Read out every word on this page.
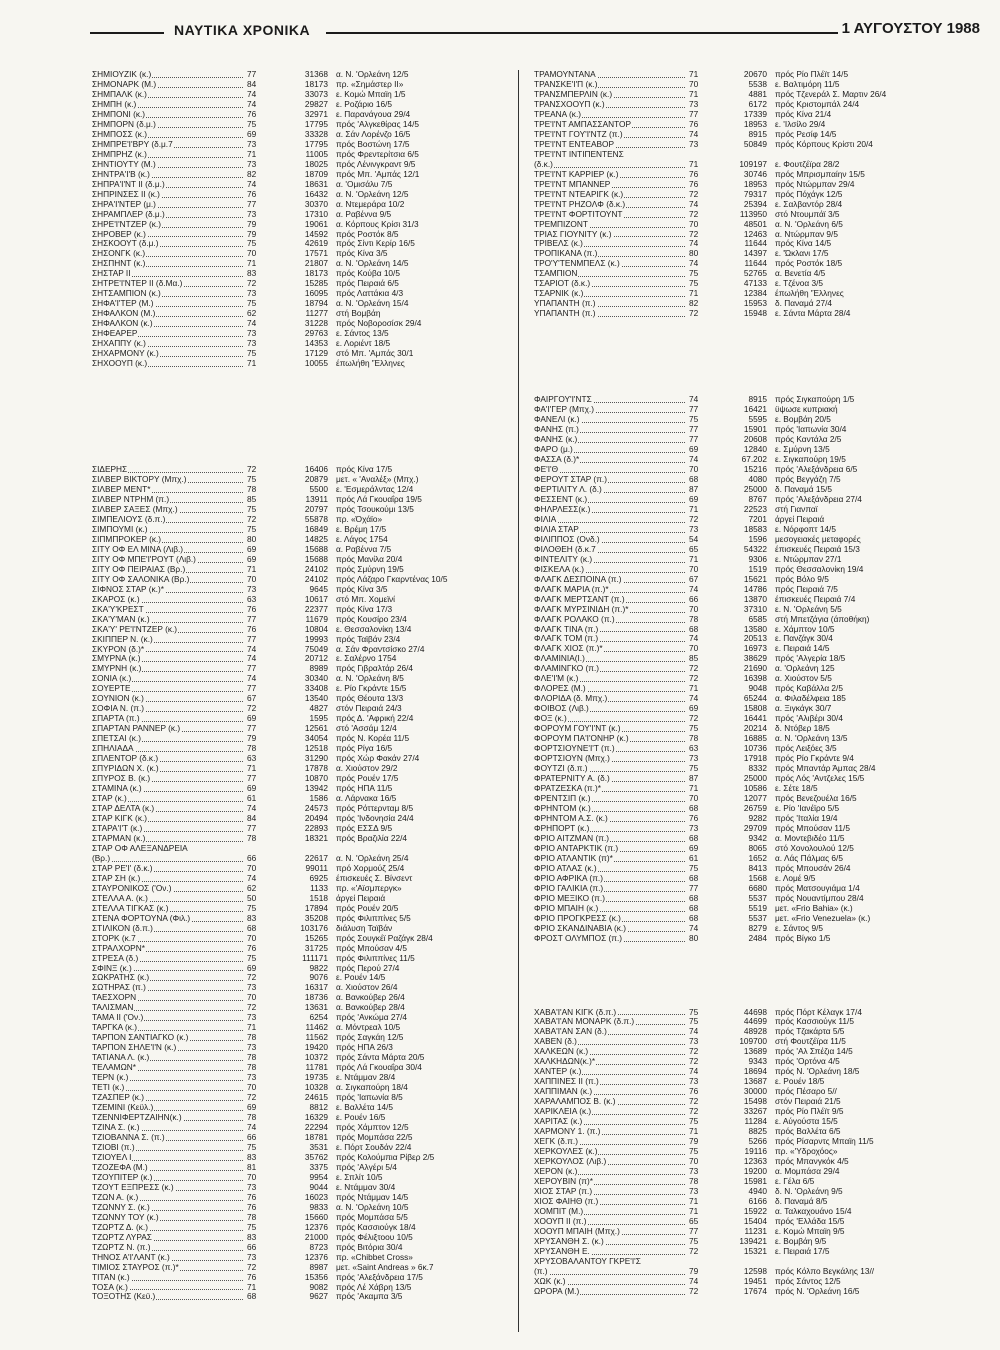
ΝΑΥΤΙΚΑ ΧΡΟΝΙΚΑ	1 ΑΥΓΟΥΣΤΟΥ 1988
ΣΗΜΙΟΥΖΙΚ (κ.)	77	31368 α. Ν. 'Ορλεάνη 12/5
ΣΗΜΟΝΑΡΚ (Μ.)	84	18173 πρ. «Σημάστερ ΙΙ»
ΣΗΜΠΑΛΚ (κ.)	74	33073 ε. Κομώ Μπαϊη 1/5
ΣΗΜΠΗ (κ.)	74	29827 ε. Ροζάριο 16/5
ΣΗΜΠΟΝΙ (κ.)	76	32971 ε. Παρανάγουα 29/4
ΣΗΜΠΟΡΝ (δ.μ.)	75	17795 πρός 'Αλγκεθίρας 14/5
ΣΗΜΠΟΣΣ (κ.)	69	33328 α. Σάν Λορένζο 16/5
ΣΗΜΠΡΕ'Ι'ΒΡΥ (δ.μ.7	73	17795 πρός Βοστώνη 17/5
ΣΗΜΠΡΗΖ (κ.)	71	11005 πρός Φρεντερίτσια 6/5
ΣΗΝΤΙΟΥΤΥ (Μ.)	73	18025 πρός Λένινγκραντ 9/5
ΣΗΝΤΡΑ'Ι'Β (κ.)	82	18709 πρός Μπ. 'Αμπάς 12/1
ΣΗΠΡΑ'Ι'ΝΤ ΙΙ (δ.μ.)	74	18631 α. 'Ομισάλυ 7/5
ΣΗΠΡΙΝΣΕΣ ΙΙ (κ.)	76	16432 α. Ν. 'Ορλεάνη 12/5
ΣΗΡΑ'Ι'ΝΤΕΡ (μ.)	77	30370 α. Ντεμεράρα 10/2
ΣΗΡΑΜΠΛΕΡ (δ.μ.)	73	17310 α. Ραβέννα 9/5
ΣΗΡΕ'Ι'ΝΤΖΕΡ (κ.)	79	19061 α. Κόρπους Κρίσι 31/3
ΣΗΡΟΒΕΡ (κ.)	79	14592 πρός Ροστόκ 8/5
ΣΗΣΚΟΟΥΤ (δ.μ.)	75	42619 πρός Σίντι Κερίρ 16/5
ΣΗΣΟΝΓΚ (κ.)	70	17571 πρός Κίνα 3/5
ΣΗΣΠΗΝΤ (κ.)	71	21807 α. Ν. 'Ορλεάνη 14/5
ΣΗΣΤΑΡ ΙΙ	83	18173 πρός Κούβα 10/5
ΣΗΤΡΕ'Ι'ΝΤΕΡ ΙΙ (δ.Μα.)	72	15285 πρός Πειραιά 6/5
ΣΗΤΣΑΜΠΙΟΝ (κ.)	73	16095 πρός Λαττάκια 4/3
ΣΗΦΑ'Ι'ΤΕΡ (Μ.)	75	18794 α. Ν. 'Ορλεάνη 15/4
ΣΗΦΑΛΚΟΝ (Μ.)	62	11277 στή Βομβάη
ΣΗΦΑΛΚΟΝ (κ.)	74	31228 πρός Νοβοροσίσκ 29/4
ΣΗΦΕΑΡΕΡ	73	29763 ε. Σάντος 13/5
ΣΗΧΑΠΠΥ (κ.)	73	14353 ε. Λοριέντ 18/5
ΣΗΧΑΡΜΟΝΥ (κ.)	75	17129 στό Μπ. 'Αμπάς 30/1
ΣΗΧΟΟΥΠ (κ.)	71	10055 έπωλήθη 'Έλληνες
ΣΙΔΕΡΗΣ	72	16406 πρός Κίνα 17/5
ΣΙΛΒΕΡ ΒΙΚΤΟΡΥ (Μπχ.)	75	20879 μετ. « 'Αναλέξ» (Μπχ.)
ΣΙΛΒΕΡ ΜΕΝΤ*	78	5500 ε. 'Εσμεράλντας 12/4
ΣΙΛΒΕΡ ΝΤΡΗΜ (π.)	85	13911 πρός Λά Γκουαΐρα 19/5
ΣΙΛΒΕΡ ΣΑΞΕΣ (Μπχ.)	75	20797 πρός Τσουκούμι 13/5
ΣΙΜΠΕΛΙΟΥΣ (δ.π.)	72	55878 πρ. «Όχάϊο»
ΣΙΜΠΟΥΜΙ (κ.)	75	16849 ε. Βρέμη 17/5
ΣΙΠΜΠΡΟΚΕΡ (κ.)	80	14825 ε. Λάγος 1754
ΣΙΤΥ ΟΦ ΕΛ ΜΙΝΑ (Λιβ.)	69	15688 α. Ραβέννα 7/5
ΣΙΤΥ ΟΦ ΜΠΕ'Ι'ΡΟΥΤ (Λιβ.)	69	15688 πρός Μανίλα 20/4
ΣΙΤΥ ΟΦ ΠΕΙΡΑΙΑΣ (Βρ.)	71	24102 πρός Σμύρνη 19/5
ΣΙΤΥ ΟΦ ΣΑΛΟΝΙΚΑ (Βρ.)	70	24102 πρός Λάζαρο Γκαρντένας 10/5
ΣΙΦΝΟΣ ΣΤΑΡ (κ.)*	73	9645 πρός Κίνα 3/5
ΣΚΑΡΟΣ (κ.)	63	10617 στό Μπ. Χομεϊνί
ΣΚΑ'Υ'ΚΡΕΣΤ	76	22377 πρός Κίνα 17/3
ΣΚΑ'Υ'ΜΑΝ (κ.)	77	11679 πρός Κουσίρο 23/4
ΣΚΑ'Υ' ΡΕ'Ι'ΝΤΖΕΡ (κ.)	76	10804 ε. Θεσσαλονίκη 13/4
ΣΚΙΠΠΕΡ Ν. (κ.)	77	19993 πρός Ταϊβάν 23/4
ΣΚΥΡΟΝ (δ.)*	74	75049 α. Σάν Φραντσίσκο 27/4
ΣΜΥΡΝΑ (κ.)	74	20712 ε. Σαλέρνο 1754
ΣΜΥΡΝΗ (κ.)	77	8989 πρός Γιβραλτάρ 26/4
ΣΟΝΙΑ (κ.)	74	30340 α. Ν. 'Ορλεάνη 8/5
ΣΟΥΕΡΤΕ	77	33408 ε. Ρίο Γκράντε 15/5
ΣΟΥΝΙΟΝ (κ.)	67	13540 πρός Θέουτα 13/3
ΣΟΦΙΑ Ν. (π.)	72	4827 στόν Πειραιά 24/3
ΣΠΑΡΤΑ (π.)	69	1595 πρός Δ. 'Αφρική 22/4
ΣΠΑΡΤΑΝ ΡΑΝΝΕΡ (κ.)	77	12561 στό 'Ασσάμ 12/4
ΣΠΕΤΣΑΙ (κ.)	79	34054 πρός Ν. Κορέα 11/5
ΣΠΗΛΙΑΔΑ	78	12518 πρός Ρίγα 16/5
ΣΠΛΕΝΤΟΡ (δ.κ.)	63	31290 πρός Χώρ Φακάν 27/4
ΣΠΥΡΙΔΩΝ Χ. (κ.)	71	17878 α. Χιούστον 29/2
ΣΠΥΡΟΣ Β. (κ.)	77	10870 πρός Ρουέν 17/5
ΣΤΑΜΙΝΑ (κ.)	69	13942 πρός ΗΠΑ 11/5
ΣΤΑΡ (κ.)	61	1586 α. Λάρνακα 16/5
ΣΤΑΡ ΔΕΛΤΑ (κ.)	74	24573 πρός Ρόττερνταμ 8/5
ΣΤΑΡ ΚΙΓΚ (κ.)	84	20494 πρός 'Ινδονησία 24/4
ΣΤΑΡΑ'Ι'Τ (κ.)	77	22893 πρός ΕΣΣΔ 9/5
ΣΤΑΡΜΑΝ (κ.)	78	18321 πρός Βραζιλία 22/4
ΣΤΑΡ ΟΦ ΑΛΕΞΑΝΔΡΕΙΑ
(Βρ.)	66	22617 α. Ν. 'Ορλεάνη 25/4
ΣΤΑΡ ΡΕ'Ι' (δ.κ.)	70	99011 πρό Χορμούζ 25/4
ΣΤΑΡ ΣΗ (κ.)	74	6925 έπισκευές Σ. Βίνσεντ
ΣΤΑΥΡΟΝΙΚΟΣ ('Ον.)	62	1133 πρ. «'Αϊσμπεργκ»
ΣΤΕΛΛΑ Α. (κ.)	50	1518 άργεί Πειραιά
ΣΤΕΛΛΑ ΤΙΓΚΑΣ (κ.)	75	17894 πρός Ρουέν 20/5
ΣΤΕΝΑ ΦΟΡΤΟΥΝΑ (Φιλ.)	83	35208 πρός Φιλιππίνες 5/5
ΣΤΙΛΙΚΟΝ (δ.π.)	68	103176 διάλυση Ταϊβάν
ΣΤΟΡΚ (κ.7	70	15265 πρός Σουγκέϊ Ραζάγκ 28/4
ΣΤΡΑΛΧΟΡΝ*	76	31725 πρός Μπούσαν 4/5
ΣΤΡΕΣΑ (δ.)	75	111171 πρός Φιλιππίνες 11/5
ΣΦΙΝΞ (κ.)	69	9822 πρός Περού 27/4
ΣΩΚΡΑΤΗΣ (κ.)	72	9076 ε. Ρουέν 14/5
ΣΩΤΗΡΑΣ (π.)	73	16317 α. Χιούστον 26/4
ΤΑΕΣΧΟΡΝ	70	18736 α. Βανκούβερ 26/4
ΤΑΛΙΣΜΑΝ	72	13631 α. Βανκούβερ 28/4
ΤΑΜΑ ΙΙ ('Ον.)	73	6254 πρός 'Ανκώμα 27/4
ΤΑΡΓΚΑ (κ.)	71	11462 α. Μόντρεαλ 10/5
ΤΑΡΠΟΝ ΣΑΝΤΙΑΓΚΟ (κ.)	78	11562 πρός Σαγκάη 12/5
ΤΑΡΠΟΝ ΣΗΛΕ'Ι'Ν (κ.)	73	19420 πρός ΗΠΑ 26/3
ΤΑΤΙΑΝΑ Λ. (κ.)	78	10372 πρός Σάντα Μάρτα 20/5
ΤΕΛΑΜΩΝ*	78	11781 πρός Λά Γκουαΐρα 30/4
ΤΕΡΝ (κ.)	73	19735 ε. Ντάμμαν 28/4
ΤΕΤΙ (κ.)	70	10328 α. Σιγκαπούρη 18/4
ΤΖΑΣΠΕΡ (κ.)	72	24615 πρός 'Ιαπωνία 8/5
ΤΖΕΜΙΝΙ (Κεϋλ.)	69	8812 ε. Βαλλέτα 14/5
ΤΖΕΝΝΙΦΕΡΤΖΑΙΗΝ(κ.)	78	16329 ε. Ρουέν 16/5
ΤΖΙΝΑ Σ. (κ.)	74	22294 πρός Χάμπτον 12/5
ΤΖΙΟΒΑΝΝΑ Σ. (π.)	66	18781 πρός Μομπάσα 22/5
ΤΖΙΟΒΙ (π.)	75	3531 ε. Πόρτ Σουδάν 22/4
ΤΖΙΟΥΕΛ Ι	83	35762 πρός Κολούμπια Ρίβερ 2/5
ΤΖΟΖΕΦΑ (Μ.)	81	3375 πρός 'Αλγέρι 5/4
ΤΖΟΥΠΙΤΕΡ (κ.)	70	9954 ε. Σπλίτ 10/5
ΤΖΟΥΤ ΕΞΠΡΕΣΣ (κ.)	73	9044 ε. Ντάμμαν 30/4
ΤΖΩΝ Α. (κ.)	76	16023 πρός Ντάμμαν 14/5
ΤΖΩΝΝΥ Σ. (κ.)	76	9833 α. Ν. 'Ορλεάνη 10/5
ΤΖΩΝΝΥ ΤΟΥ (κ.)	78	15660 πρός Μομπάσα 5/5
ΤΖΩΡΤΖ Δ. (κ.)	75	12376 πρός Κασσιούγκ 18/4
ΤΖΩΡΤΖ ΛΥΡΑΣ	83	21000 πρός Φέλιξτοου 10/5
ΤΖΩΡΤΖ Ν. (π.)	66	8723 πρός Βιτόρια 30/4
ΤΗΝΟΣ Α'Ι'ΛΑΝΤ (κ.)	73	12376 πρ. «Chibbet Cross»
ΤΙΜΙΟΣ ΣΤΑΥΡΟΣ (π.)*	72	8987 μετ. «Saint Andreas » 6κ.7
ΤΙΤΑΝ (κ.)	76	15356 πρός 'Αλεξάνδρεια 17/5
ΤΟΣΑ (κ.)	71	9082 πρός Λέ Χάβρη 13/5
ΤΟΞΟΤΗΣ (Κεϋ.)	68	9627 πρός 'Ακαμπα 3/5
ΤΡΑΜΟΥΝΤΑΝΑ	71	20670 πρός Ρίο Πλέϊτ 14/5
ΤΡΑΝΣΚΕ'Ι'Π (κ.)	70	5538 ε. Βαλτιμόρη 11/5
ΤΡΑΝΣΜΠΕΡΛΙΝ (κ.)	71	4881 πρός Τζενεράλ Σ. Μαρτιν 26/4
ΤΡΑΝΣΧΟΟΥΠ (κ.)	73	6172 πρός Κριστομπάλ 24/4
ΤΡΕΑΝΑ (κ.)	77	17339 πρός Κίνα 21/4
ΤΡΕ'Ι'ΝΤ ΑΜΠΑΣΣΑΝΤΟΡ	76	18953 ε. 'Ιλσίλο 29/4
ΤΡΕ'Ι'ΝΤ ΓΟΥ'Ι'ΝΤΖ (π.)	74	8915 πρός Ρεσίφ 14/5
ΤΡΕ'Ι'ΝΤ ΕΝΤΕΑΒΟΡ	73	50849 πρός Κόρπους Κρίστι 20/4
ΤΡΕ'Ι'ΝΤ ΙΝΤΙΠΕΝΤΕΝΣ
(δ.κ.)	71	109197 ε. Φουτζέϊρα 28/2
ΤΡΕ'Ι'ΝΤ ΚΑΡΡΙΕΡ (κ.)	76	30746 πρός Μπρισμπαίην 15/5
ΤΡΕ'Ι'ΝΤ ΜΠΑΝΝΕΡ	76	18953 πρός Ντώρμπαν 29/4
ΤΡΕ'Ι'ΝΤ ΝΤΕΑΡΙΓΚ (κ.)	72	79317 πρός Πόχάγκ 12/5
ΤΡΕ'Ι'ΝΤ ΡΗΖΟΛΦ (δ.κ.)	74	25394 ε. Σαλβαντόρ 28/4
ΤΡΕ'Ι'ΝΤ ΦΟΡΤΙΤΟΥΝΤ	72	113950 στό Ντουμπάϊ 3/5
ΤΡΕΜΠΙΖΟΝΤ	70	48501 α. Ν. 'Ορλεάνη 6/5
ΤΡΙΑΣ ΓΙΟΥΝΙΤΥ (κ.)	72	12463 α. Ντώρμπαν 9/5
ΤΡΙΒΕΛΣ (κ.)	74	11644 πρός Κίνα 14/5
ΤΡΟΠΙΚΑΝΑ (π.)	80	14397 ε. 'Ώκλανι 17/5
ΤΡΟ'Υ'ΤΕΝΜΠΕΛΣ (κ.)	74	11644 πρός Ροστόκ 18/5
ΤΣΑΜΠΙΟΝ	75	52765 α. Βενετία 4/5
ΤΣΑΡΙΟΤ (δ.κ.)	75	47133 ε. Τζένοα 3/5
ΤΣΑΡΝΙΚ (κ.)	71	12384 έπωλήθη 'Έλληνες
ΥΠΑΠΑΝΤΗ (π.)	82	15953 δ. Παναμά 27/4
ΥΠΑΠΑΝΤΗ (π.)	72	15948 ε. Σάντα Μάρτα 28/4
ΦΑΙΡΓΟΥ'Ι'ΝΤΣ	74	8915 πρός Σιγκαπούρη 1/5
ΦΑ'Ι'ΓΕΡ (Μπχ.)	77	16421 ϋψωσε κυπριακή
ΦΑΝΕΛΙ (κ.)	75	5595 ε. Βομβάη 20/5
ΦΑΝΗΣ (π.)	77	15901 πρός 'Ιαπωνία 30/4
ΦΑΝΗΣ (κ.)	77	20608 πρός Καντάλα 2/5
ΦΑΡΟ (μ.)	69	12840 ε. Σμύρνη 13/5
ΦΑΣΣΑ (δ.)*	74	67.202 ε. Σιγκαπούρη 19/5
ΦΕ'Ι'Θ	70	15216 πρός 'Αλεξάνδρεια 6/5
ΦΕΡΟΥΤ ΣΤΑΡ (π.)	68	4080 πρός Βεγγάζη 7/5
ΦΕΡΤΙΛΙΤΥ Λ. (δ.)	87	25000 δ. Παναμά 15/5
ΦΕΣΣΕΝΤ (κ.)	69	8767 πρός 'Αλεξάνδρεια 27/4
ΦΗΛΡΛΕΣΣ(κ.)	71	22523 στή Γιανπαϊ
ΦΙΛΙΑ	72	7201 άργεί Πειραιά
ΦΙΛΙΑ ΣΤΑΡ	73	18583 ε. Νόρφοπτ 14/5
ΦΙΛΙΠΠΟΣ (Ονδ.)	54	1596 μεσογειακές μεταφορές
ΦΙΛΟΘΕΗ (δ.κ.7	65	54322 έπισκευές Πειραιά 15/3
ΦΙΝΤΕΛΙΤΥ (κ.)	71	9306 ε. Ντώρμπαν 27/1
ΦΙΣΚΕΛΑ (κ.)	70	1519 πρός Θεσσαλονίκη 19/4
ΦΛΑΓΚ ΔΕΣΠΟΙΝΑ (π.)	67	15621 πρός Βόλο 9/5
ΦΛΑΓΚ ΜΑΡΙΑ (π.)*	74	14786 πρός Πειραιά 7/5
ΦΛΑΓΚ ΜΕΡΤΣΑΝΤ (π.)	66	13870 έπισκευές Πειραιά 7/4
ΦΛΑΓΚ ΜΥΡΣΙΝΙΔΗ (π.)*	70	37310 ε. Ν. 'Ορλεάνη 5/5
ΦΛΑΓΚ ΡΟΛΑΚΟ (π.)	78	6585 στή Μπετζάγια (άποθήκη)
ΦΛΑΓΚ ΤΙΝΑ (π.)	68	13580 ε. Χάμπτον 10/5
ΦΛΑΓΚ ΤΟΜ (π.)	74	20513 ε. Πανζάγκ 30/4
ΦΛΑΓΚ ΧΙΟΣ (π.)*	70	16973 ε. Πειραιά 14/5
ΦΛΑΜΙΝΙΑ(Ι.)	85	38629 πρός 'Αλγερία 18/5
ΦΛΑΜΙΝΓΚΟ (π.)	72	21690 α. 'Ορλεάνη 125
ΦΛΕ'Ι'Μ (κ.)	72	16398 α. Χιούστον 5/5
ΦΛΟΡΕΣ (Μ.)	71	9048 πρός Καβάλλα 2/5
ΦΛΟΡΙΔΑ (δ. Μπχ.)	74	65244 α. Φιλαδέλφεια 185
ΦΟΙΒΟΣ (Λιβ.)	69	15808 α. Ξιγκάγκ 30/7
ΦΟΞ (κ.)	72	16441 πρός 'Αλιβέρι 30/4
ΦΟΡΟΥΜ ΓΟΥ'Ι'ΝΤ (κ.)	75	20214 δ. Ντόβερ 18/5
ΦΟΡΟΥΜ ΠΑ'Ι'ΟΝΗΡ (κ.)	78	16885 α. Ν. 'Ορλεάνη 13/5
ΦΟΡΤΣΙΟΥΝΕ'Ι'Τ (π.)	63	10736 πρός Λειξόες 3/5
ΦΟΡΤΣΙΟΥΝ (Μπχ.)	73	17918 πρός Ρίο Γκράντε 9/4
ΦΟΥΤΖΙ (δ.π.)	75	8332 πρός Μπαντάρ Άμπας 28/4
ΦΡΑΤΕΡΝΙΤΥ Α. (δ.)	87	25000 πρός Λός 'Αντζελες 15/5
ΦΡΑΤΖΕΣΚΑ (π.)*	71	10586 ε. Σέτε 18/5
ΦΡΕΝΤΣΙΠ (κ.)	70	12077 πρός Βενεζουέλα 16/5
ΦΡΗΝΤΟΜ (κ.)	68	26759 ε. Ρίο 'Ιανέϊρο 5/5
ΦΡΗΝΤΟΜ Α.Σ. (κ.)	76	9282 πρός 'Ιταλία 19/4
ΦΡΗΠΟΡΤ (κ.)	73	29709 πρός Μπούσαν 11/5
ΦΡΙΟ ΑΙΤΖΜΑΝ (π.)	68	9342 α. Μοντεβιδέο 11/5
ΦΡΙΟ ΑΝΤΑΡΚΤΙΚ (π.)	69	8065 στό Χονολουλού 12/5
ΦΡΙΟ ΑΤΛΑΝΤΙΚ (π)*	61	1652 α. Λάς Πάλμας 6/5
ΦΡΙΟ ΑΤΛΑΣ (κ.)	75	8413 πρός Μπουσάν 26/4
ΦΡΙΟ ΑΦΡΙΚΑ (π.)	68	1568 ε. Λομέ 9/5
ΦΡΙΟ ΓΑΛΙΚΙΑ (π.)	77	6680 πρός Ματσουγιάμα 1/4
ΦΡΙΟ ΜΕΞΙΚΟ (π.)	68	5537 πρός Νουαντίμπου 28/4
ΦΡΙΟ ΜΠΑΙΗ (κ.)	68	5519 μετ. «Frio Bahia» (κ.)
ΦΡΙΟ ΠΡΟΓΚΡΕΣΣ (κ.)	68	5537 μετ. «Frio Venezuela» (κ.)
ΦΡΙΟ ΣΚΑΝΔΙΝΑΒΙΑ (κ.)	74	8279 ε. Σάντος 9/5
ΦΡΟΣΤ ΟΛΥΜΠΟΣ (π.)	80	2484 πρός Βίγκο 1/5
ΧΑΒΑ'Ι'ΑΝ ΚΙΓΚ (δ.π.)	75	44698 πρός Πόρτ Κέλαγκ 17/4
ΧΑΒΑ'Ι'ΑΝ ΜΟΝΑΡΚ (δ.π.)	75	44699 πρός Κασσιούγκ 11/5
ΧΑΒΑ'Ι'ΑΝ ΣΑΝ (δ.)	74	48928 πρός Τζακάρτα 5/5
ΧΑΒΕΝ (δ.)	73	109700 στή Φουτζέϊρα 11/5
ΧΑΛΚΕΩΝ (κ.)	72	13689 πρός 'Αλ Σπέζια 14/5
ΧΑΛΚΗΔΩΝ(κ.)*	72	9343 πρός 'Ορτόνα 4/5
ΧΑΝΤΕΡ (κ.)	74	18694 πρός Ν. 'Ορλεάνη 18/5
ΧΑΠΠΙΝΕΣ ΙΙ (π.)	73	13687 ε. Ρουέν 18/5
ΧΑΠΠΙΜΑΝ (κ.)	76	30000 πρός Πέσαρο 5//
ΧΑΡΑΛΑΜΠΟΣ Β. (κ.)	72	15498 στόν Πειραιά 21/5
ΧΑΡΙΚΛΕΙΑ (κ.)	72	33267 πρός Ρίο Πλέϊτ 9/5
ΧΑΡΙΤΑΣ (κ.)	75	11284 ε. Αύγούστα 15/5
ΧΑΡΜΟΝΥ 1. (π.)	71	8825 πρός Βαλλέτα 6/5
ΧΕΓΚ (δ.π.)	79	5266 πρός Ρίσαρντς Μπαϊη 11/5
ΧΕΡΚΟΥΛΕΣ (κ.)	75	19116 πρ. «'Υδροχόος»
ΧΕΡΚΟΥΛΟΣ (Λιβ.)	70	12363 πρός Μπανγκόκ 4/5
ΧΕΡΟΝ (κ.)	73	19200 α. Μομπάσα 29/4
ΧΕΡΟΥΒΙΝ (π)*	78	15981 ε. Γέλα 6/5
ΧΙΟΣ ΣΤΑΡ (π.)	73	4940 δ. Ν. 'Ορλεάνη 9/5
ΧΙΟΣ ΦΑΙΗΘ (π.)	71	6166 δ. Παναμά 8/5
ΧΟΜΠΙΤ (Μ.)	71	15922 α. Ταλκαχουάνο 15/4
ΧΟΟΥΠ ΙΙ (π.)	65	15404 πρός 'Ελλάδα 15/5
ΧΟΟΥΠ ΜΠΑΙΗ (Μπχ.)	77	11231 ε. Κομώ Μπαϊη 9/5
ΧΡΥΣΑΝΘΗ Σ. (κ.)	75	139421 ε. Βομβάη 9/5
ΧΡΥΣΑΝΘΗ Ε.	72	15321 ε. Πειραιά 17/5
ΧΡΥΣΟΒΑΛΑΝΤΟΥ ΓΚΡΕ'Ι'Σ
(π.)	79	12598 πρός Κόλπο Βεγκάλης 13//
ΧΩΚ (κ.)	74	19451 πρός Σάντος 12/5
ΩΡΟΡΑ (Μ.)	72	17674 πρός Ν. 'Ορλεάνη 16/5
